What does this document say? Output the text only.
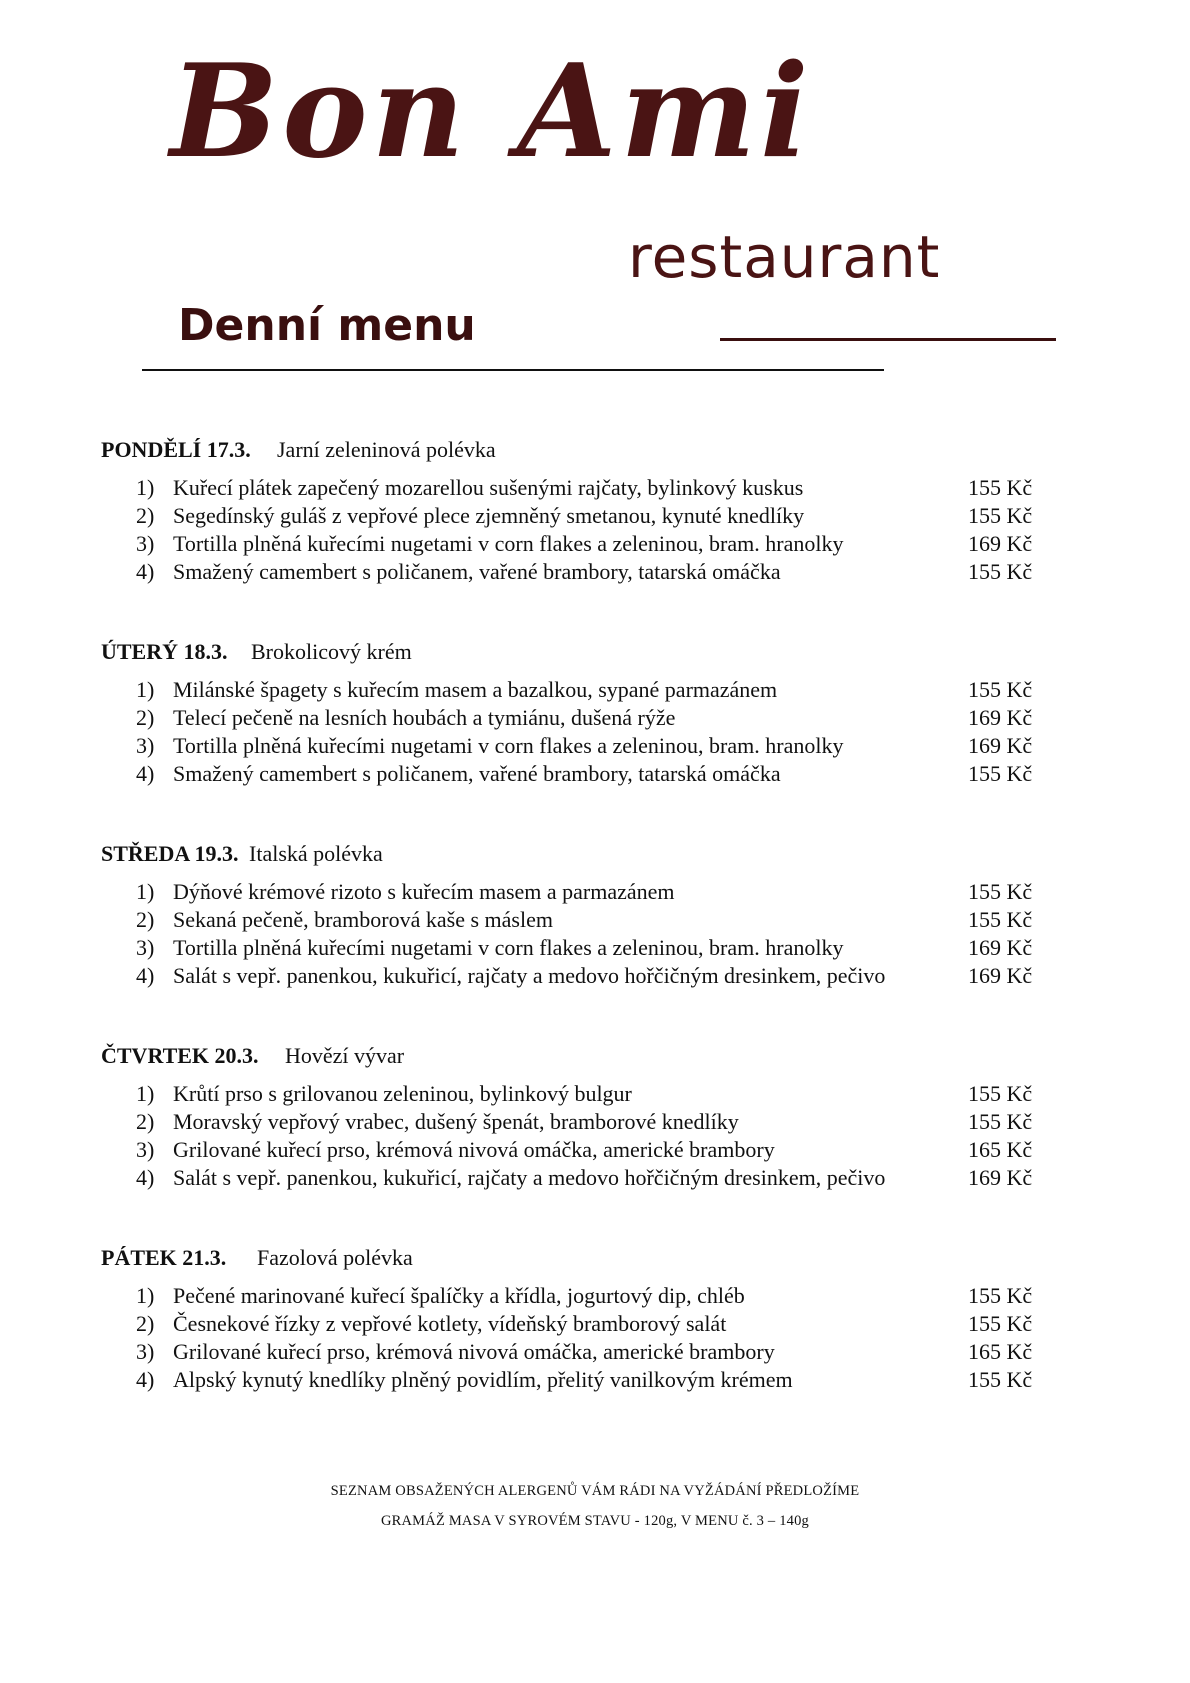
Bon Ami
restaurant
Denní menu
PONDĚLÍ 17.3. Jarní zeleninová polévka
1) Kuřecí plátek zapečený mozarellou sušenými rajčaty, bylinkový kuskus	155 Kč
2) Segedínský guláš z vepřové plece zjemněný smetanou, kynuté knedlíky	155 Kč
3) Tortilla plněná kuřecími nugetami v corn flakes a zeleninou, bram. hranolky	169 Kč
4) Smažený camembert s poličanem, vařené brambory, tatarská omáčka	155 Kč
ÚTERÝ 18.3. Brokolicový krém
1) Milánské špagety s kuřecím masem a bazalkou, sypané parmazánem	155 Kč
2) Telecí pečeně na lesních houbách a tymiánu, dušená rýže	169 Kč
3) Tortilla plněná kuřecími nugetami v corn flakes a zeleninou, bram. hranolky	169 Kč
4) Smažený camembert s poličanem, vařené brambory, tatarská omáčka	155 Kč
STŘEDA 19.3. Italská polévka
1) Dýňové krémové rizoto s kuřecím masem a parmazánem	155 Kč
2) Sekaná pečeně, bramborová kaše s máslem	155 Kč
3) Tortilla plněná kuřecími nugetami v corn flakes a zeleninou, bram. hranolky	169 Kč
4) Salát s vepř. panenkou, kukuřicí, rajčaty a medovo hořčičným dresinkem, pečivo	169 Kč
ČTVRTEK 20.3. Hovězí vývar
1) Krůtí prso s grilovanou zeleninou, bylinkový bulgur	155 Kč
2) Moravský vepřový vrabec, dušený špenát, bramborové knedlíky	155 Kč
3) Grilované kuřecí prso, krémová nivová omáčka, americké brambory	165 Kč
4) Salát s vepř. panenkou, kukuřicí, rajčaty a medovo hořčičným dresinkem, pečivo	169 Kč
PÁTEK 21.3. Fazolová polévka
1) Pečené marinované kuřecí špalíčky a křídla, jogurtový dip, chléb	155 Kč
2) Česnekové řízky z vepřové kotlety, vídeňský bramborový salát	155 Kč
3) Grilované kuřecí prso, krémová nivová omáčka, americké brambory	165 Kč
4) Alpský kynutý knedlíky plněný povidlím, přelitý vanilkovým krémem	155 Kč
SEZNAM OBSAŽENÝCH ALERGENŮ VÁM RÁDI NA VYŽÁDÁNÍ PŘEDLOŽÍME
GRAMÁŽ MASA V SYROVÉM STAVU - 120g, V MENU č. 3 – 140g
